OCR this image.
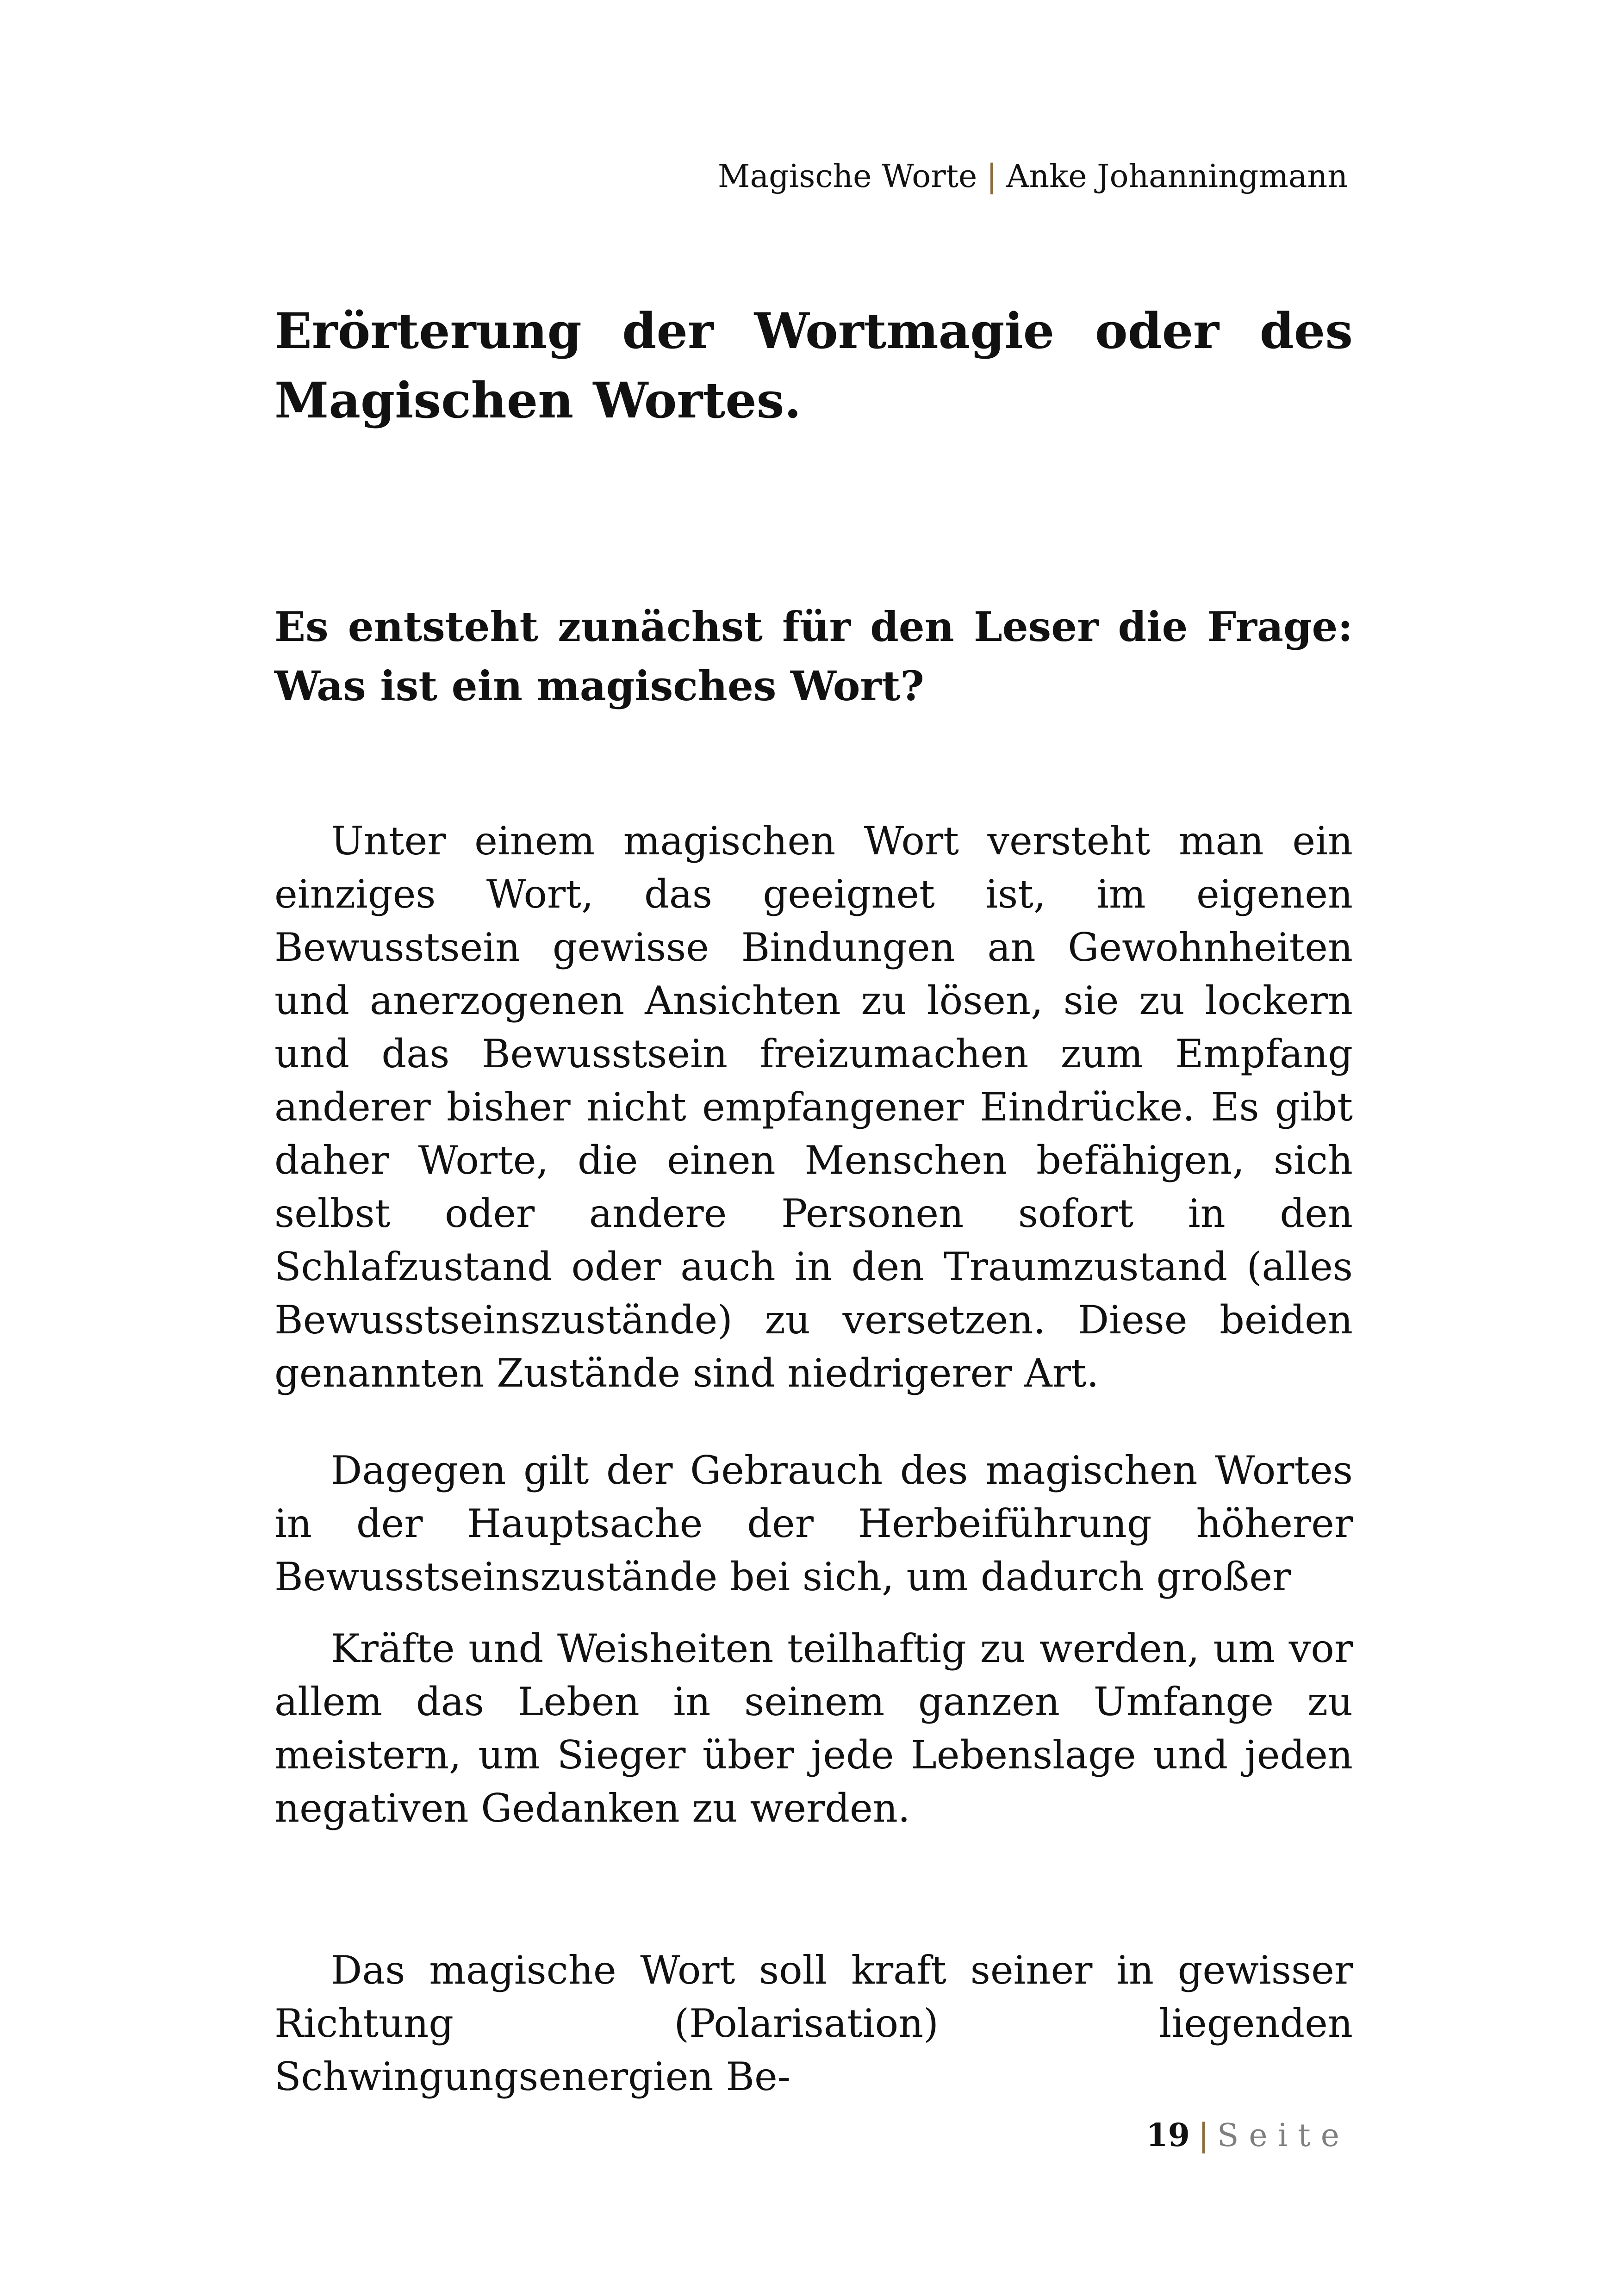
Magische Worte | Anke Johanningmann
Erörterung der Wortmagie oder des Magischen Wortes.
Es entsteht zunächst für den Leser die Frage: Was ist ein magisches Wort?

Unter einem magischen Wort versteht man ein einziges Wort, das geeignet ist, im eigenen Bewusstsein gewisse Bindungen an Gewohnheiten und anerzogenen Ansichten zu lösen, sie zu lockern und das Bewusstsein freizumachen zum Empfang anderer bisher nicht empfangener Eindrücke. Es gibt daher Worte, die einen Menschen befähigen, sich selbst oder andere Personen sofort in den Schlafzustand oder auch in den Traumzustand (alles Bewusstseinszustände) zu versetzen. Diese beiden genannten Zustände sind niedrigerer Art.

Dagegen gilt der Gebrauch des magischen Wortes in der Hauptsache der Herbeiführung höherer Bewusstseinszustände bei sich, um dadurch großer

Kräfte und Weisheiten teilhaftig zu werden, um vor allem das Leben in seinem ganzen Umfange zu meistern, um Sieger über jede Lebenslage und jeden negativen Gedanken zu werden.

Das magische Wort soll kraft seiner in gewisser Richtung (Polarisation) liegenden Schwingungsenergien Be-

19 | Seite
